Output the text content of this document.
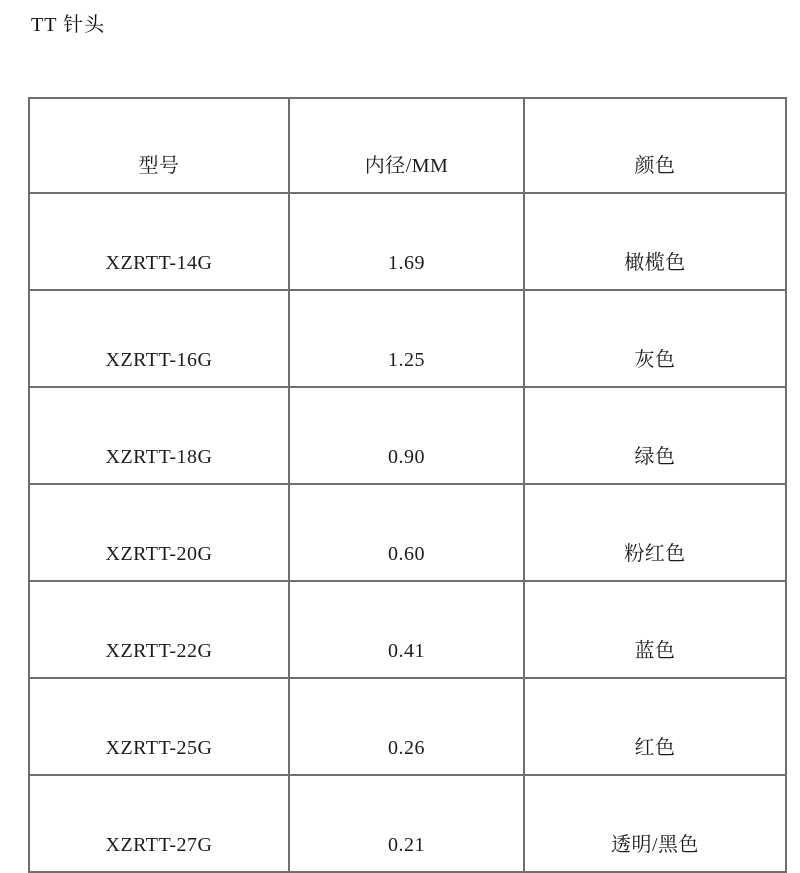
TT 针头
型号	内径/MM	颜色
XZRTT-14G	1.69	橄榄色
XZRTT-16G	1.25	灰色
XZRTT-18G	0.90	绿色
XZRTT-20G	0.60	粉红色
XZRTT-22G	0.41	蓝色
XZRTT-25G	0.26	红色
XZRTT-27G	0.21	透明/黑色
